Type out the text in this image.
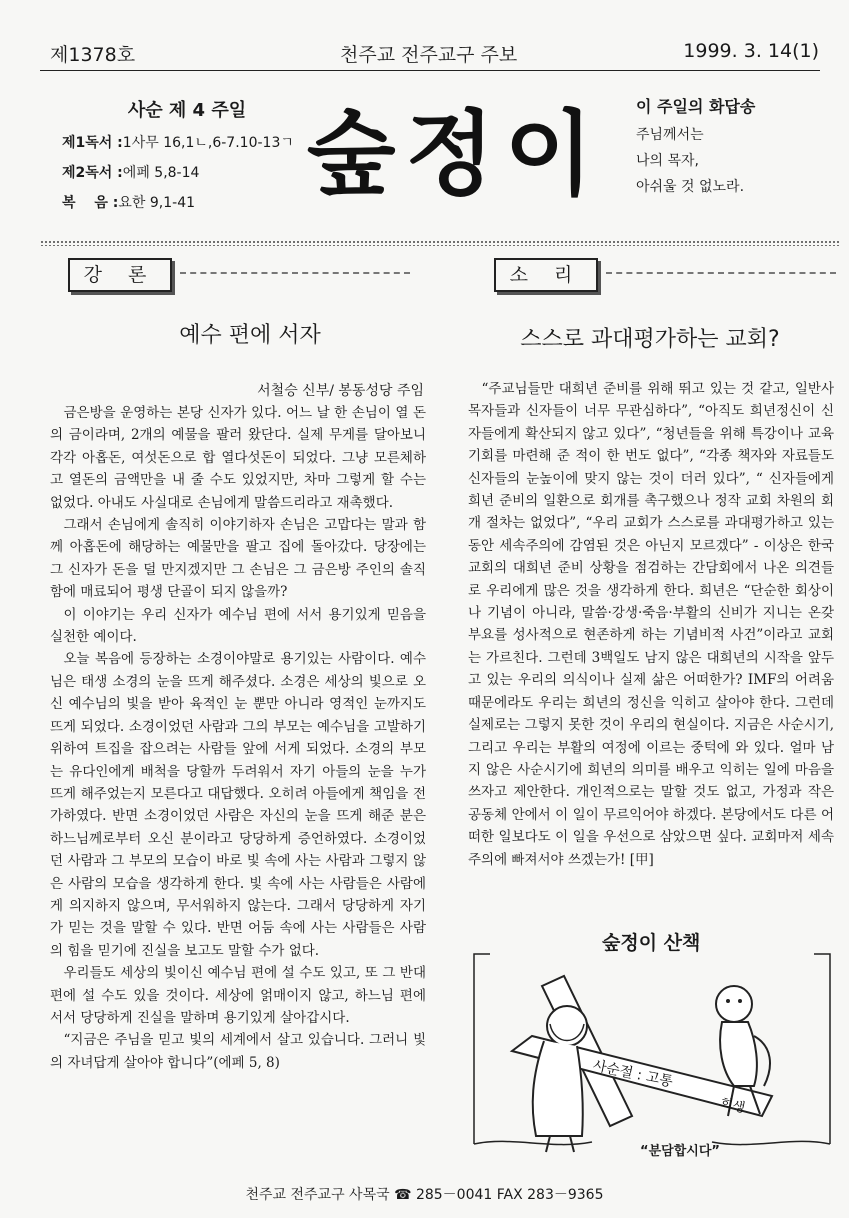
제1378호	천주교 전주교구 주보	1999. 3. 14(1)
사순 제 4 주일
제1독서 : 1사무 16,1ㄴ,6-7.10-13ㄱ
제2독서 : 에페 5,8-14
복　 음 : 요한 9,1-41 숲정이 이 주일의 화답송
주님께서는
나의 목자,
아쉬울 것 없노라.
강 론	소 리
예수 편에 서자	스스로 과대평가하는 교회?
서철승 신부/ 봉동성당 주임

금은방을 운영하는 본당 신자가 있다. 어느 날 한 손님이 열 돈의 금이라며, 2개의 예물을 팔러 왔단다. 실제 무게를 달아보니 각각 아홉돈, 여섯돈으로 합 열다섯돈이 되었다. 그냥 모른체하고 열돈의 금액만을 내 줄 수도 있었지만, 차마 그렇게 할 수는 없었다. 아내도 사실대로 손님에게 말씀드리라고 재촉했다.

그래서 손님에게 솔직히 이야기하자 손님은 고맙다는 말과 함께 아홉돈에 해당하는 예물만을 팔고 집에 돌아갔다. 당장에는 그 신자가 돈을 덜 만지겠지만 그 손님은 그 금은방 주인의 솔직함에 매료되어 평생 단골이 되지 않을까?

이 이야기는 우리 신자가 예수님 편에 서서 용기있게 믿음을 실천한 예이다.

오늘 복음에 등장하는 소경이야말로 용기있는 사람이다. 예수님은 태생 소경의 눈을 뜨게 해주셨다. 소경은 세상의 빛으로 오신 예수님의 빛을 받아 육적인 눈 뿐만 아니라 영적인 눈까지도 뜨게 되었다. 소경이었던 사람과 그의 부모는 예수님을 고발하기 위하여 트집을 잡으려는 사람들 앞에 서게 되었다. 소경의 부모는 유다인에게 배척을 당할까 두려워서 자기 아들의 눈을 누가 뜨게 해주었는지 모른다고 대답했다. 오히려 아들에게 책임을 전가하였다. 반면 소경이었던 사람은 자신의 눈을 뜨게 해준 분은 하느님께로부터 오신 분이라고 당당하게 증언하였다. 소경이었던 사람과 그 부모의 모습이 바로 빛 속에 사는 사람과 그렇지 않은 사람의 모습을 생각하게 한다. 빛 속에 사는 사람들은 사람에게 의지하지 않으며, 무서워하지 않는다. 그래서 당당하게 자기가 믿는 것을 말할 수 있다. 반면 어둠 속에 사는 사람들은 사람의 힘을 믿기에 진실을 보고도 말할 수가 없다.

우리들도 세상의 빛이신 예수님 편에 설 수도 있고, 또 그 반대편에 설 수도 있을 것이다. 세상에 얽매이지 않고, 하느님 편에 서서 당당하게 진실을 말하며 용기있게 살아갑시다.

“지금은 주님을 믿고 빛의 세계에서 살고 있습니다. 그러니 빛의 자녀답게 살아야 합니다”(에페 5, 8)

“주교님들만 대희년 준비를 위해 뛰고 있는 것 같고, 일반사목자들과 신자들이 너무 무관심하다”, “아직도 희년정신이 신자들에게 확산되지 않고 있다”, “청년들을 위해 특강이나 교육 기회를 마련해 준 적이 한 번도 없다”, “각종 책자와 자료들도 신자들의 눈높이에 맞지 않는 것이 더러 있다”, “ 신자들에게 희년 준비의 일환으로 회개를 촉구했으나 정작 교회 차원의 회개 절차는 없었다”, “우리 교회가 스스로를 과대평가하고 있는 동안 세속주의에 감염된 것은 아닌지 모르겠다” - 이상은 한국 교회의 대희년 준비 상황을 점검하는 간담회에서 나온 의견들로 우리에게 많은 것을 생각하게 한다. 희년은 “단순한 회상이나 기념이 아니라, 말씀·강생·죽음·부활의 신비가 지니는 온갖 부요를 성사적으로 현존하게 하는 기념비적 사건”이라고 교회는 가르친다. 그런데 3백일도 남지 않은 대희년의 시작을 앞두고 있는 우리의 의식이나 실제 삶은 어떠한가? IMF의 어려움 때문에라도 우리는 희년의 정신을 익히고 살아야 한다. 그런데 실제로는 그렇지 못한 것이 우리의 현실이다. 지금은 사순시기, 그리고 우리는 부활의 여정에 이르는 중턱에 와 있다. 얼마 남지 않은 사순시기에 희년의 의미를 배우고 익히는 일에 마음을 쓰자고 제안한다. 개인적으로는 말할 것도 없고, 가정과 작은 공동체 안에서 이 일이 무르익어야 하겠다. 본당에서도 다른 어떠한 일보다도 이 일을 우선으로 삼았으면 싶다. 교회마저 세속주의에 빠져서야 쓰겠는가! [甲]

사순절 : 고통
희생
숲정이 산책
“분담합시다”
천주교 전주교구 사목국 ☎ 285－0041 FAX 283－9365
